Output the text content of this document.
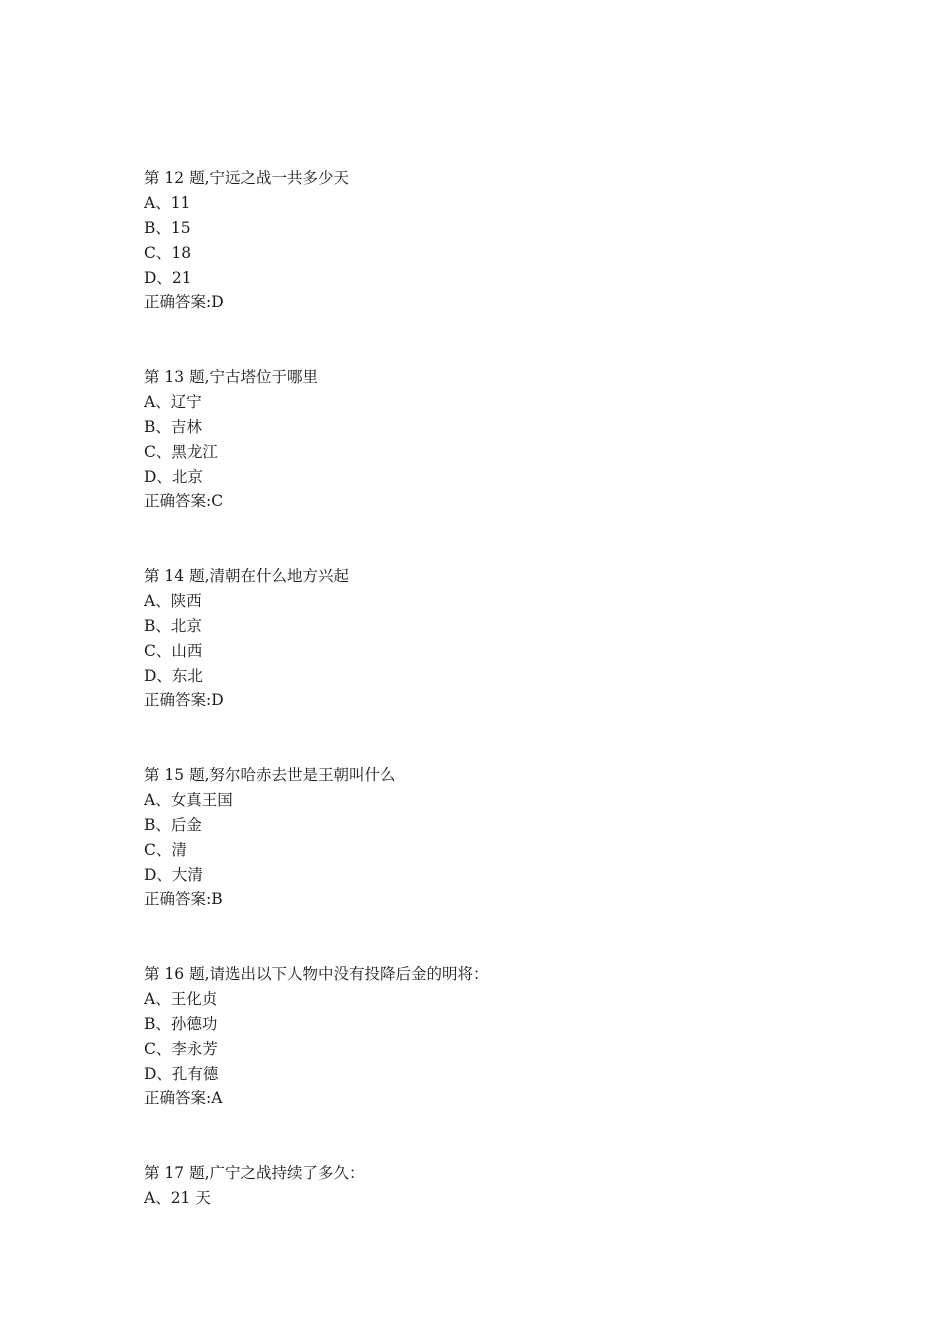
第 12 题,宁远之战一共多少天
A、11
B、15
C、18
D、21
正确答案:D
第 13 题,宁古塔位于哪里
A、辽宁
B、吉林
C、黑龙江
D、北京
正确答案:C
第 14 题,清朝在什么地方兴起
A、陕西
B、北京
C、山西
D、东北
正确答案:D
第 15 题,努尔哈赤去世是王朝叫什么
A、女真王国
B、后金
C、清
D、大清
正确答案:B
第 16 题,请选出以下人物中没有投降后金的明将：
A、王化贞
B、孙德功
C、李永芳
D、孔有德
正确答案:A
第 17 题,广宁之战持续了多久：
A、21 天
